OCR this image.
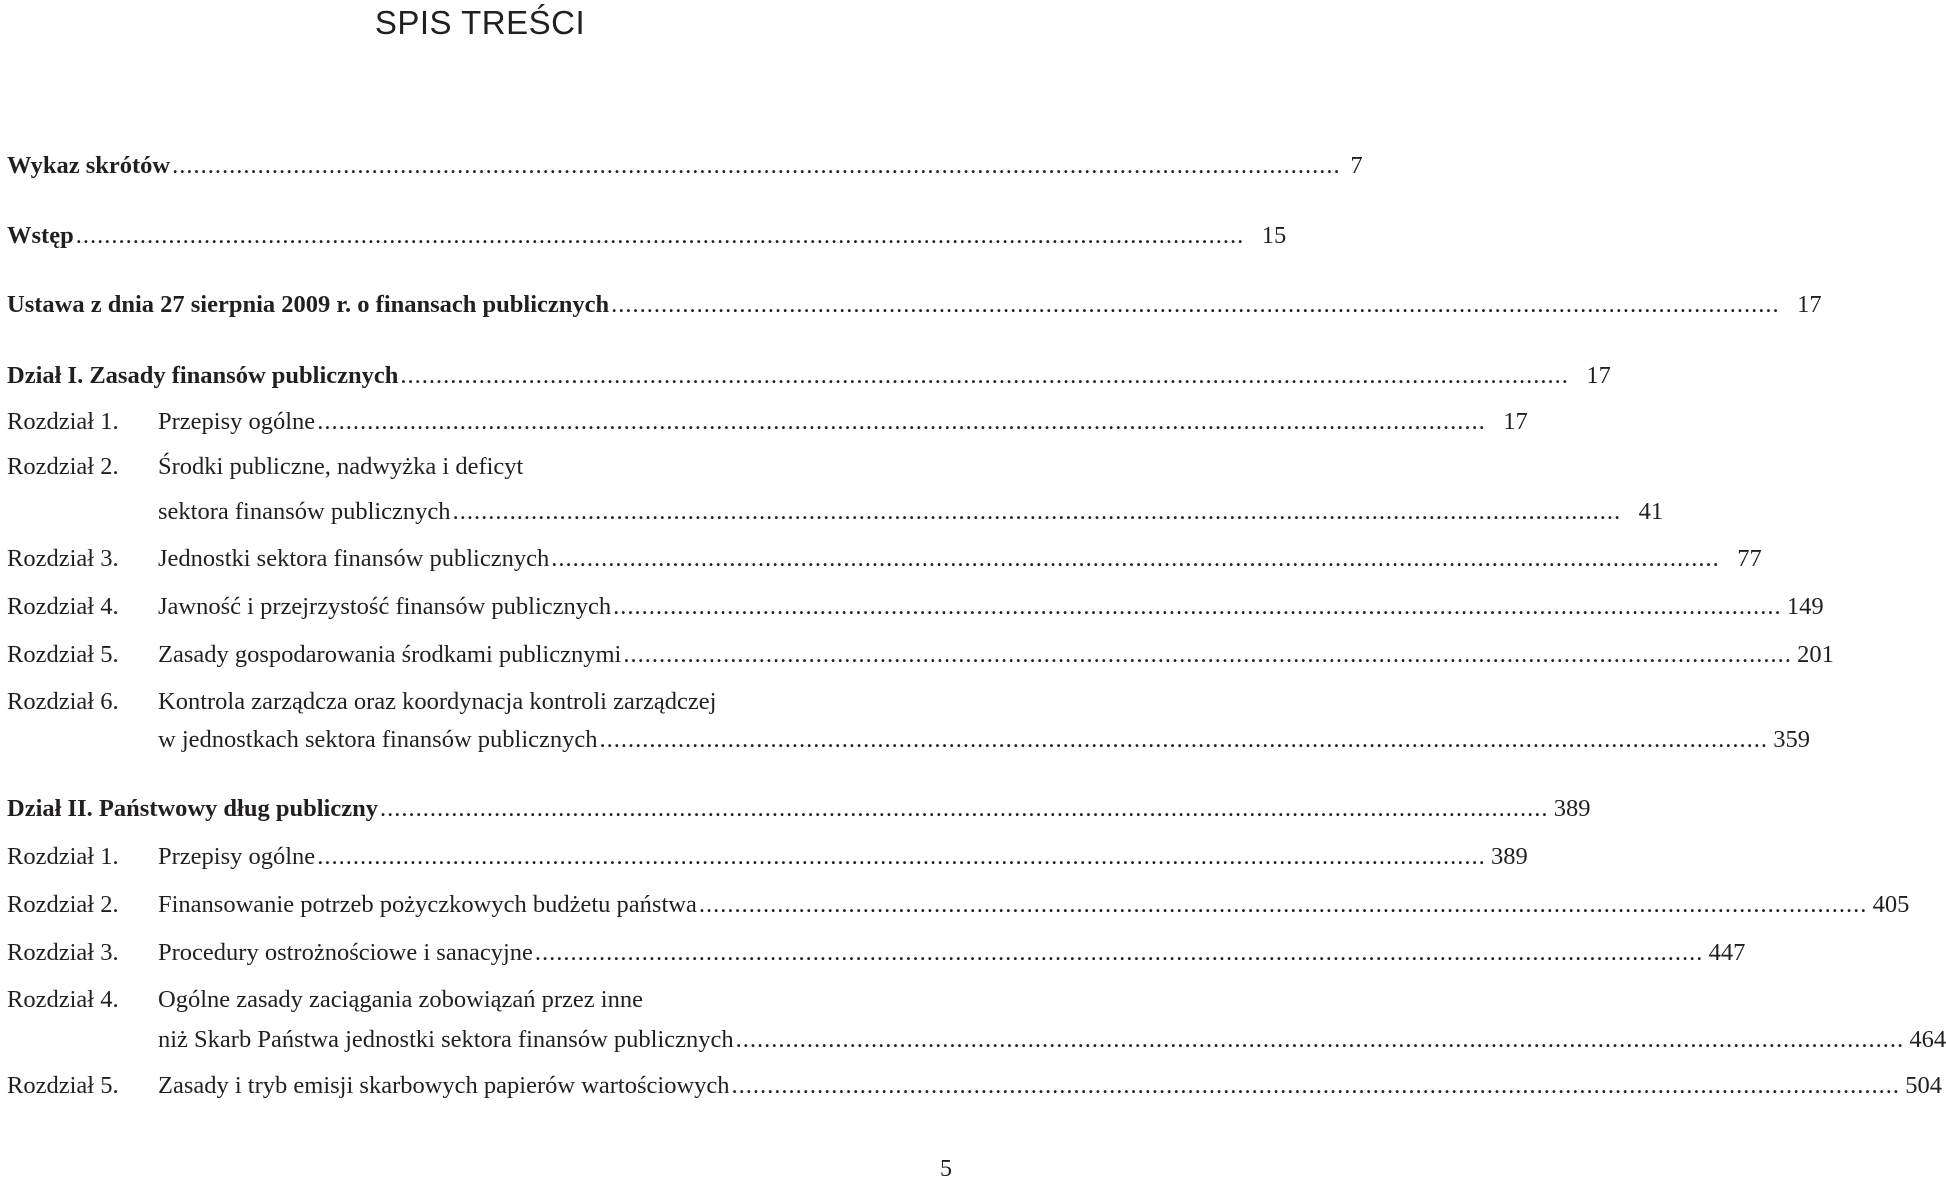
SPIS TREŚCI
Wykaz skrótów .................................................................................................................................................................... 7
Wstęp .................................................................................................................................................................... 15
Ustawa z dnia 27 sierpnia 2009 r. o finansach publicznych .................................................................................................................................................................... 17
Dział I. Zasady finansów publicznych .................................................................................................................................................................... 17
Rozdział 1. Przepisy ogólne .................................................................................................................................................................... 17
Rozdział 2. Środki publiczne, nadwyżka i deficyt
sektora finansów publicznych .................................................................................................................................................................... 41
Rozdział 3. Jednostki sektora finansów publicznych .................................................................................................................................................................... 77
Rozdział 4. Jawność i przejrzystość finansów publicznych .................................................................................................................................................................... 149
Rozdział 5. Zasady gospodarowania środkami publicznymi .................................................................................................................................................................... 201
Rozdział 6. Kontrola zarządcza oraz koordynacja kontroli zarządczej
w jednostkach sektora finansów publicznych .................................................................................................................................................................... 359
Dział II. Państwowy dług publiczny .................................................................................................................................................................... 389
Rozdział 1. Przepisy ogólne .................................................................................................................................................................... 389
Rozdział 2. Finansowanie potrzeb pożyczkowych budżetu państwa .................................................................................................................................................................... 405
Rozdział 3. Procedury ostrożnościowe i sanacyjne .................................................................................................................................................................... 447
Rozdział 4. Ogólne zasady zaciągania zobowiązań przez inne
niż Skarb Państwa jednostki sektora finansów publicznych .................................................................................................................................................................... 464
Rozdział 5. Zasady i tryb emisji skarbowych papierów wartościowych .................................................................................................................................................................... 504
5
